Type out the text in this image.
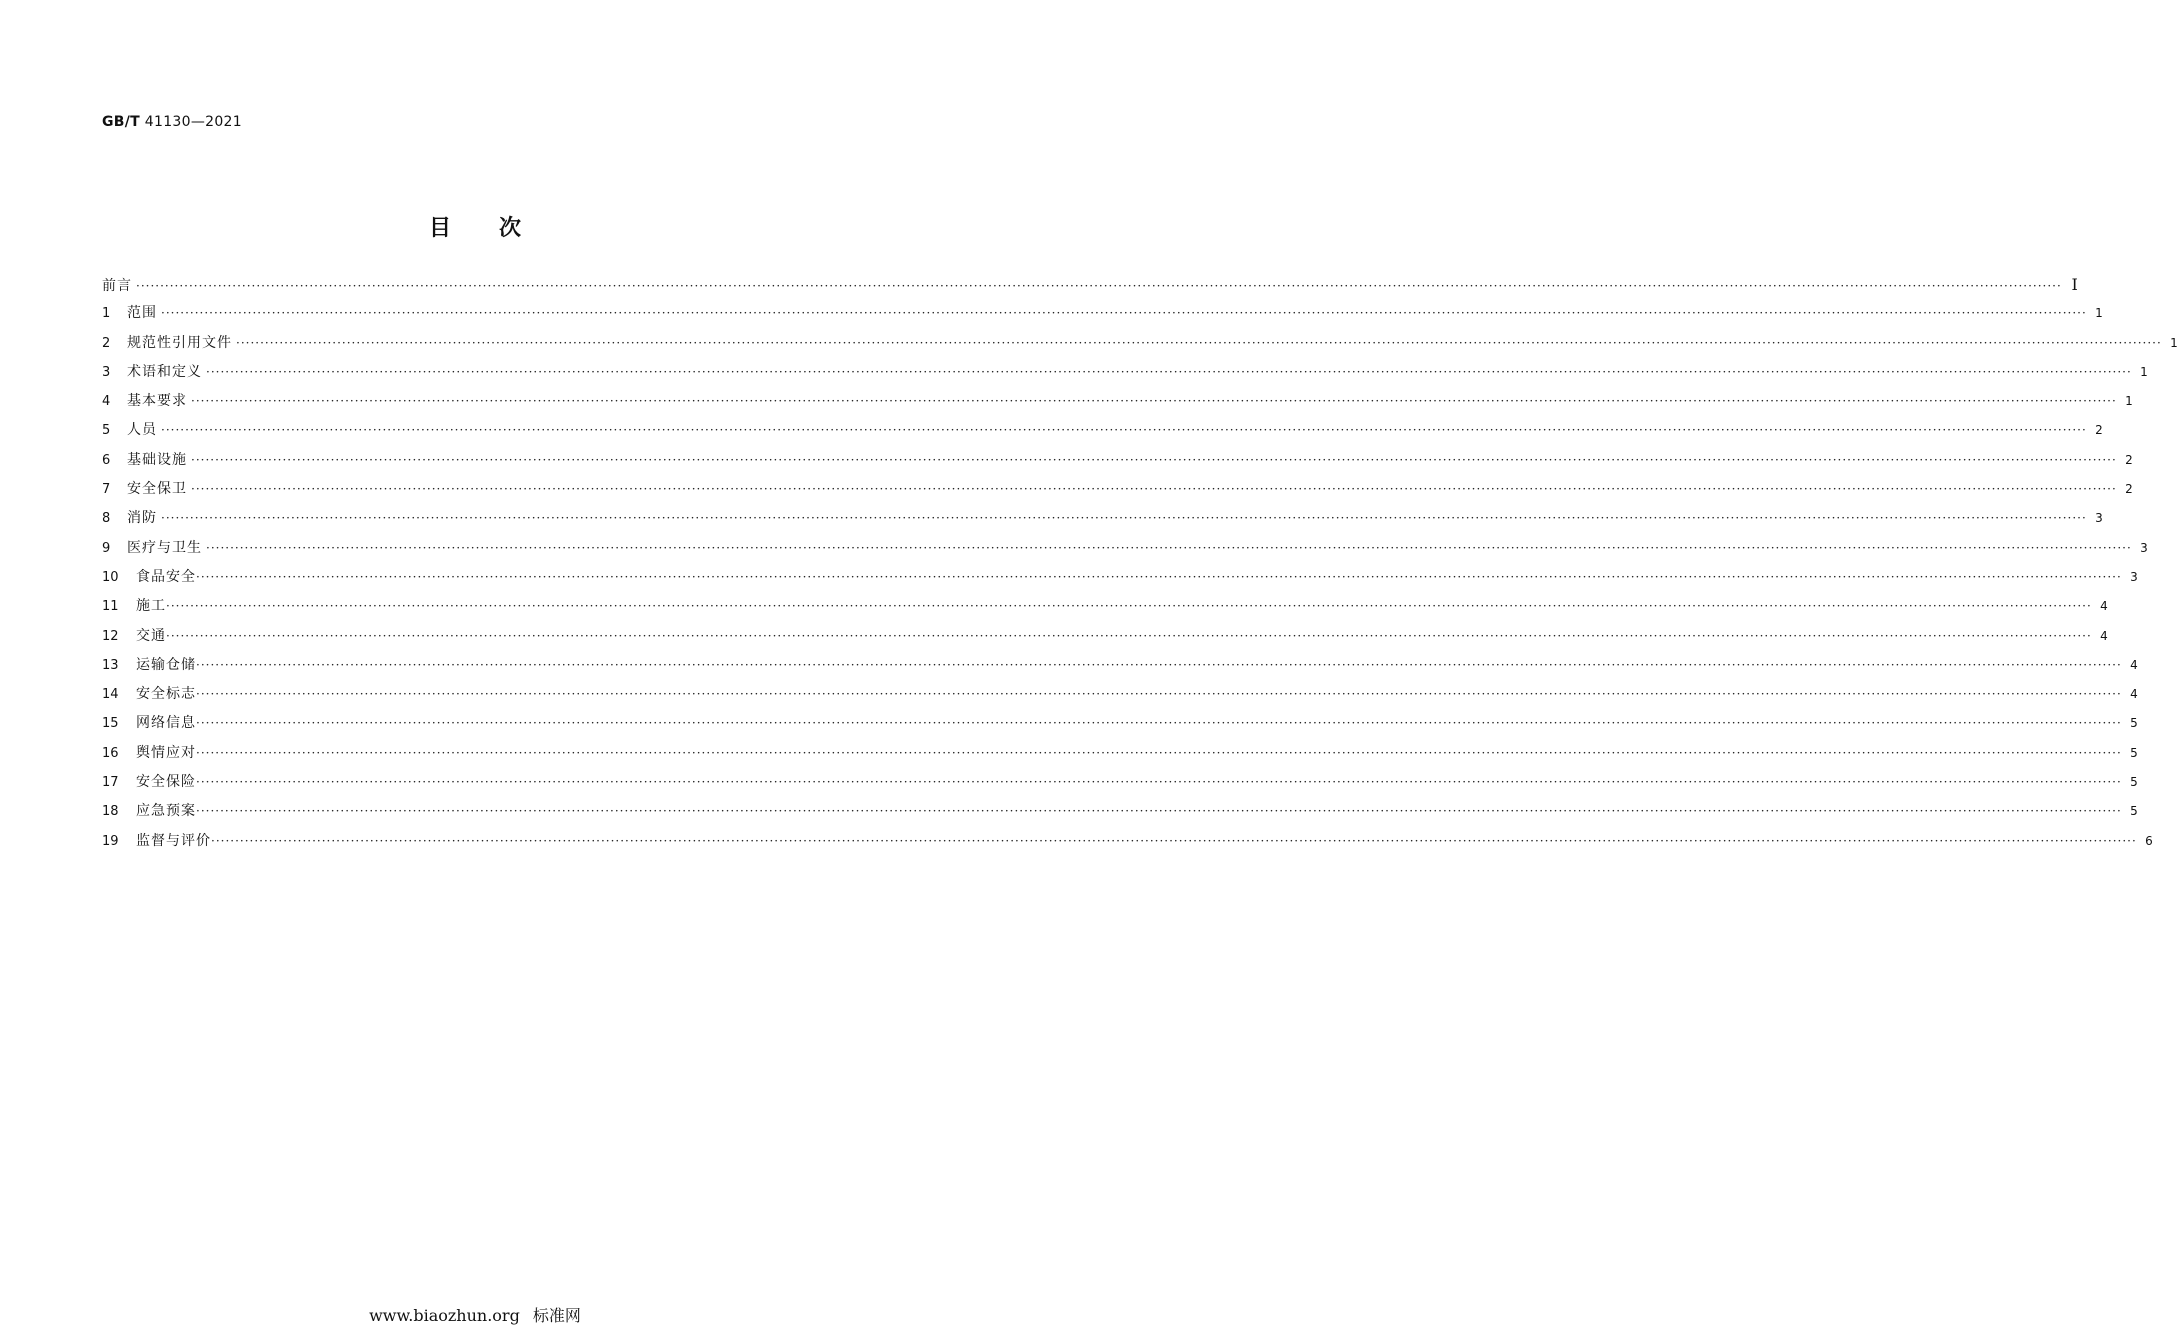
GB/T 41130—2021
目次
前言 ················································································································································································································································································································································································································ I
1	范围 ················································································································································································································································································································································································································ 1
2	规范性引用文件 ················································································································································································································································································································································································································ 1
3	术语和定义 ················································································································································································································································································································································································································ 1
4	基本要求 ················································································································································································································································································································································································································ 1
5	人员 ················································································································································································································································································································································································································ 2
6	基础设施 ················································································································································································································································································································································································································ 2
7	安全保卫 ················································································································································································································································································································································································································ 2
8	消防 ················································································································································································································································································································································································································ 3
9	医疗与卫生 ················································································································································································································································································································································································································ 3
10	食品安全 ················································································································································································································································································································································································································ 3
11	施工 ················································································································································································································································································································································································································ 4
12	交通 ················································································································································································································································································································································································································ 4
13	运输仓储 ················································································································································································································································································································································································································ 4
14	安全标志 ················································································································································································································································································································································································································ 4
15	网络信息 ················································································································································································································································································································································································································ 5
16	舆情应对 ················································································································································································································································································································································································································ 5
17	安全保险 ················································································································································································································································································································································································································ 5
18	应急预案 ················································································································································································································································································································································································································ 5
19	监督与评价 ················································································································································································································································································································································································································ 6
www.biaozhun.org 标准网
